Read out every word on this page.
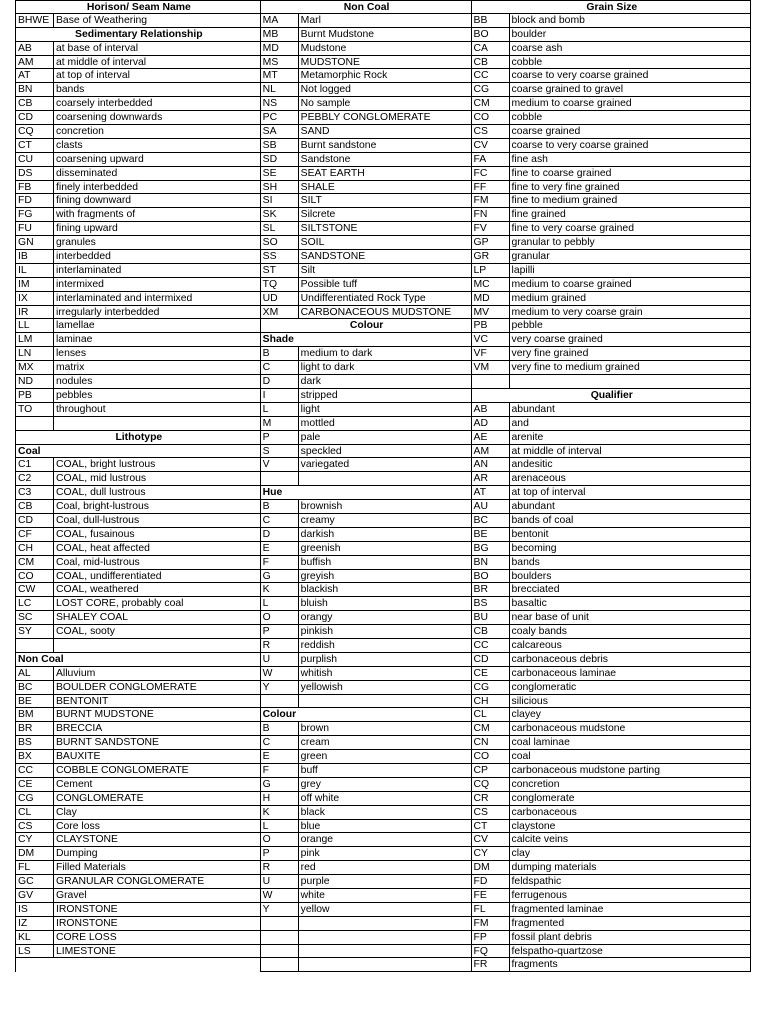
Horison/ Seam Name
BHWE Base of Weathering
Sedimentary Relationship
AB	at base of interval
AM	at middle of interval
AT	at top of interval
BN	bands
CB	coarsely interbedded
CD	coarsening downwards
CQ	concretion
CT	clasts
CU	coarsening upward
DS	disseminated
FB	finely interbedded
FD	fining downward
FG	with fragments of
FU	fining upward
GN	granules
IB	interbedded
IL	interlaminated
IM	intermixed
IX	interlaminated and intermixed
IR	irregularly interbedded
LL	lamellae
LM	laminae
LN	lenses
MX	matrix
ND	nodules
PB	pebbles
TO	throughout
Lithotype
Coal
C1	COAL, bright lustrous
C2	COAL, mid lustrous
C3	COAL, dull lustrous
CB	Coal, bright-lustrous
CD	Coal, dull-lustrous
CF	COAL, fusainous
CH	COAL, heat affected
CM	Coal, mid-lustrous
CO	COAL, undifferentiated
CW	COAL, weathered
LC	LOST CORE, probably coal
SC	SHALEY COAL
SY	COAL, sooty
Non Coal
AL	Alluvium
BC	BOULDER CONGLOMERATE
BE	BENTONIT
BM	BURNT MUDSTONE
BR	BRECCIA
BS	BURNT SANDSTONE
BX	BAUXITE
CC	COBBLE CONGLOMERATE
CE	Cement
CG	CONGLOMERATE
CL	Clay
CS	Core loss
CY	CLAYSTONE
DM	Dumping
FL	Filled Materials
GC	GRANULAR CONGLOMERATE
GV	Gravel
IS	IRONSTONE
IZ	IRONSTONE
KL	CORE LOSS
LS	LIMESTONE
Non Coal
MA	Marl
MB	Burnt Mudstone
MD	Mudstone
MS	MUDSTONE
MT	Metamorphic Rock
NL	Not logged
NS	No sample
PC	PEBBLY CONGLOMERATE
SA	SAND
SB	Burnt sandstone
SD	Sandstone
SE	SEAT EARTH
SH	SHALE
SI	SILT
SK	Silcrete
SL	SILTSTONE
SO	SOIL
SS	SANDSTONE
ST	Silt
TQ	Possible tuff
UD	Undifferentiated Rock Type
XM	CARBONACEOUS MUDSTONE
Colour
Shade
B	medium to dark
C	light to dark
D	dark
I	stripped
L	light
M	mottled
P	pale
S	speckled
V	variegated
Hue
B	brownish
C	creamy
D	darkish
E	greenish
F	buffish
G	greyish
K	blackish
L	bluish
O	orangy
P	pinkish
R	reddish
U	purplish
W	whitish
Y	yellowish
Colour
B	brown
C	cream
E	green
F	buff
G	grey
H	off white
K	black
L	blue
O	orange
P	pink
R	red
U	purple
W	white
Y	yellow
Grain Size
BB	block and bomb
BO	boulder
CA	coarse ash
CB	cobble
CC	coarse to very coarse grained
CG	coarse grained to gravel
CM	medium to coarse grained
CO	cobble
CS	coarse grained
CV	coarse to very coarse grained
FA	fine ash
FC	fine to coarse grained
FF	fine to very fine grained
FM	fine to medium grained
FN	fine grained
FV	fine to very coarse grained
GP	granular to pebbly
GR	granular
LP	lapilli
MC	medium to coarse grained
MD	medium grained
MV	medium to very coarse grain
PB	pebble
VC	very coarse grained
VF	very fine grained
VM	very fine to medium grained
Qualifier
AB	abundant
AD	and
AE	arenite
AM	at middle of interval
AN	andesitic
AR	arenaceous
AT	at top of interval
AU	abundant
BC	bands of coal
BE	bentonit
BG	becoming
BN	bands
BO	boulders
BR	brecciated
BS	basaltic
BU	near base of unit
CB	coaly bands
CC	calcareous
CD	carbonaceous debris
CE	carbonaceous laminae
CG	conglomeratic
CH	silicious
CL	clayey
CM	carbonaceous mudstone
CN	coal laminae
CO	coal
CP	carbonaceous mudstone parting
CQ	concretion
CR	conglomerate
CS	carbonaceous
CT	claystone
CV	calcite veins
CY	clay
DM	dumping materials
FD	feldspathic
FE	ferrugenous
FL	fragmented laminae
FM	fragmented
FP	fossil plant debris
FQ	felspatho-quartzose
FR	fragments
